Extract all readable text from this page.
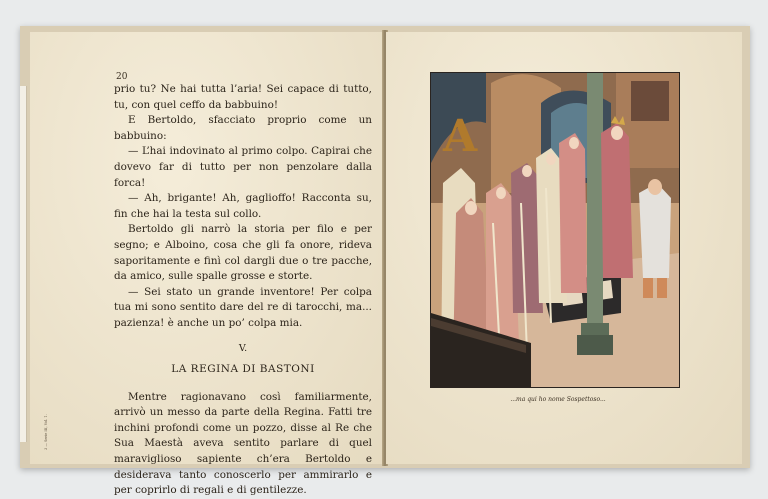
20

prio tu? Ne hai tutta l’aria! Sei capace di tutto, tu, con quel ceffo da babbuino!

E Bertoldo, sfacciato proprio come un babbuino:

— L’hai indovinato al primo colpo. Capirai che dovevo far di tutto per non penzolare dalla forca!

— Ah, brigante! Ah, gaglioffo! Racconta su, fin che hai la testa sul collo.

Bertoldo gli narrò la storia per filo e per segno; e Alboino, cosa che gli fa onore, rideva saporitamente e finì col dargli due o tre pacche, da amico, sulle spalle grosse e storte.

— Sei stato un grande inventore! Per colpa tua mi sono sentito dare del re di tarocchi, ma... pazienza! è anche un po’ colpa mia.

V.
LA REGINA DI BASTONI

Mentre ragionavano così familiarmente, arrivò un messo da parte della Regina. Fatti tre inchini profondi come un pozzo, disse al Re che Sua Maestà aveva sentito parlare di quel maraviglioso sapiente ch’era Bertoldo e desiderava tanto conoscerlo per ammirarlo e per coprirlo di regali e di gentilezze.

3 — Serie III, Vol. 1.
A
...ma qui ho nome Sospettoso...
